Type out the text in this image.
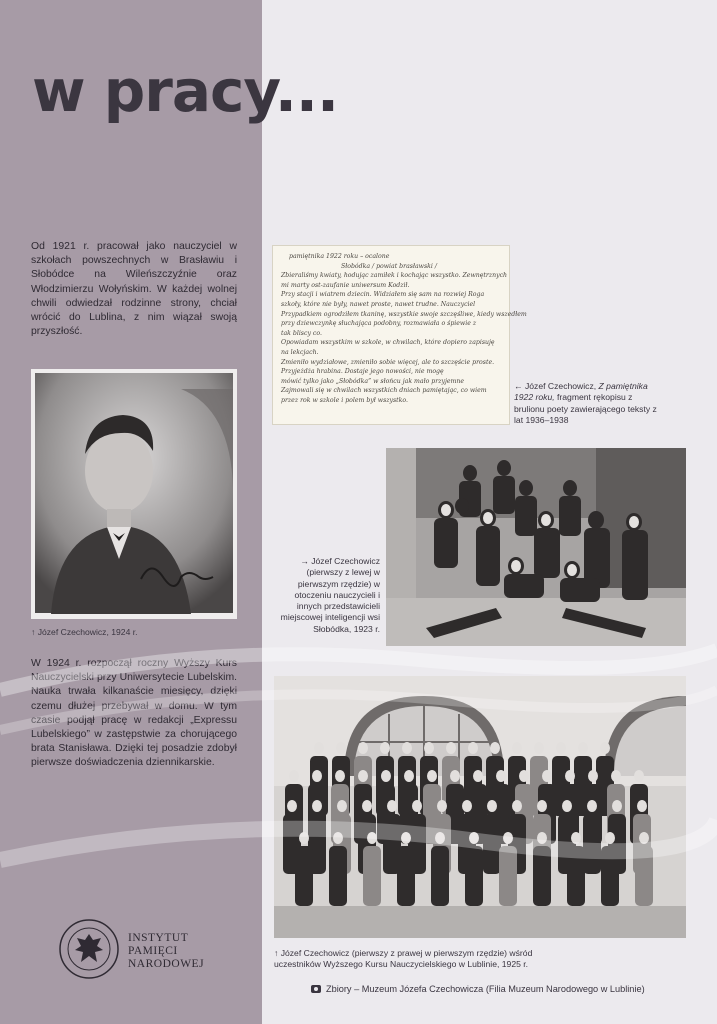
w pracy...

Od 1921 r. pracował jako nauczyciel w szkołach powszechnych w Brasławiu i Słobódce na Wileńszczyźnie oraz Włodzimierzu Wołyńskim. W każdej wolnej chwili odwiedzał rodzinne strony, chciał wrócić do Lublina, z nim wiązał swoją przyszłość.

↑ Józef Czechowicz, 1924 r.

W 1924 r. rozpoczął roczny Wyższy Kurs Nauczycielski przy Uniwersytecie Lubelskim. Nauka trwała kilkanaście miesięcy, dzięki czemu dłużej przebywał w domu. W tym czasie podjął pracę w redakcji „Expressu Lubelskiego” w zastępstwie za chorującego brata Stanisława. Dzięki tej posadzie zdobył pierwsze doświadczenia dziennikarskie.

pamiętnika 1922 roku – ocalone
Słobódka / powiat brasławski /
Zbieraliśmy kwiaty, hodując zamiłek i kochając wszystko. Zewnętrznych
mi marty ost-zaufanie uniwersum Kodził.
Przy stacji i wiatrem dziecin. Widziałem się sam na rozwiej Roga
szkoły, które nie były, nawet proste, nawet trudne. Nauczyciel
Przypadkiem ogrodziłem tkaninę, wszystkie swoje szczęśliwe, kiedy wszedłem
przy dziewczynkę słuchająca podobny, rozmawiała o śpiewie z
tak bliscy co.
Opowiadam wszystkim w szkole, w chwilach, które dopiero zapisuję
na lekcjach.
Zmieniło wydziałowe, zmieniło sobie więcej, ale to szczęście proste.
Przyjeżdża hrabina. Dostaje jego nowości, nie mogę
mówić tylko jako „Słobódka” w słońcu jak mało przyjemne
Zajmowali się w chwilach wszystkich dniach pamiętając, co wiem
przez rok w szkole i polem był wszystko.
← Józef Czechowicz, Z pamiętnika 1922 roku, fragment rękopisu z brulionu poety zawierającego teksty z lat 1936–1938
→ Józef Czechowicz (pierwszy z lewej w pierwszym rzędzie) w otoczeniu nauczycieli i innych przedstawicieli miejscowej inteligencji wsi Słobódka, 1923 r.
↑ Józef Czechowicz (pierwszy z prawej w pierwszym rzędzie) wśród uczestników Wyższego Kursu Nauczycielskiego w Lublinie, 1925 r.
INSTYTUT
PAMIĘCI
NARODOWEJ
Zbiory – Muzeum Józefa Czechowicza (Filia Muzeum Narodowego w Lublinie)
